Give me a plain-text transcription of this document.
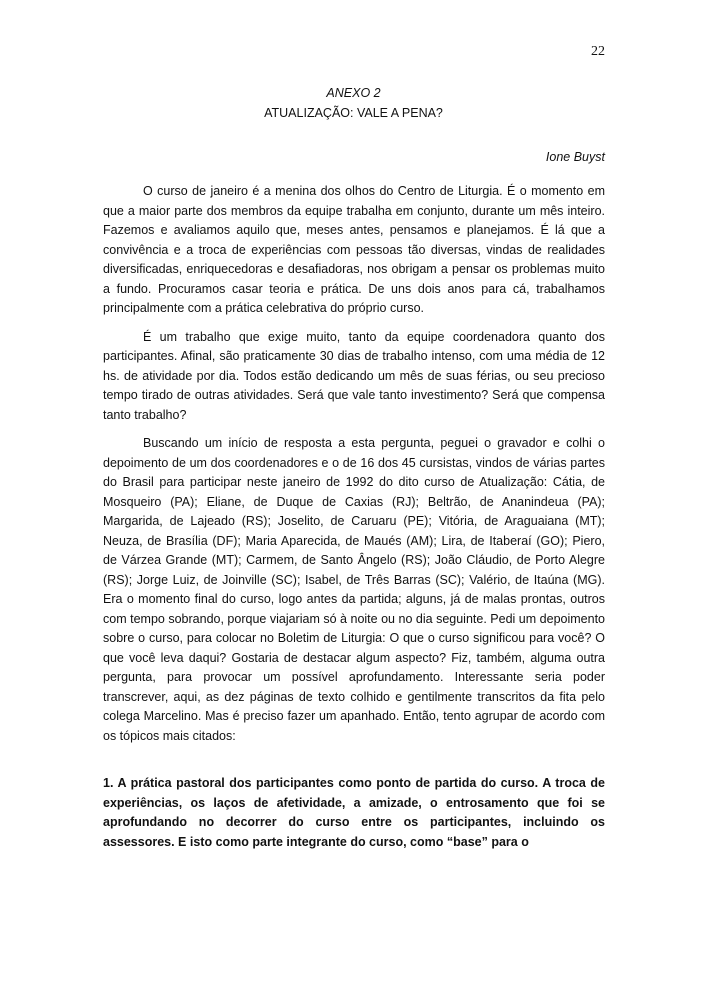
22
ANEXO 2
ATUALIZAÇÃO: VALE A PENA?
Ione Buyst

O curso de janeiro é a menina dos olhos do Centro de Liturgia. É o momento em que a maior parte dos membros da equipe trabalha em conjunto, durante um mês inteiro. Fazemos e avaliamos aquilo que, meses antes, pensamos e planejamos. É lá que a convivência e a troca de experiências com pessoas tão diversas, vindas de realidades diversificadas, enriquecedoras e desafiadoras, nos obrigam a pensar os problemas muito a fundo. Procuramos casar teoria e prática. De uns dois anos para cá, trabalhamos principalmente com a prática celebrativa do próprio curso.

É um trabalho que exige muito, tanto da equipe coordenadora quanto dos participantes. Afinal, são praticamente 30 dias de trabalho intenso, com uma média de 12 hs. de atividade por dia. Todos estão dedicando um mês de suas férias, ou seu precioso tempo tirado de outras atividades. Será que vale tanto investimento? Será que compensa tanto trabalho?

Buscando um início de resposta a esta pergunta, peguei o gravador e colhi o depoimento de um dos coordenadores e o de 16 dos 45 cursistas, vindos de várias partes do Brasil para participar neste janeiro de 1992 do dito curso de Atualização: Cátia, de Mosqueiro (PA); Eliane, de Duque de Caxias (RJ); Beltrão, de Ananindeua (PA); Margarida, de Lajeado (RS); Joselito, de Caruaru (PE); Vitória, de Araguaiana (MT); Neuza, de Brasília (DF); Maria Aparecida, de Maués (AM); Lira, de Itaberaí (GO); Piero, de Várzea Grande (MT); Carmem, de Santo Ângelo (RS); João Cláudio, de Porto Alegre (RS); Jorge Luiz, de Joinville (SC); Isabel, de Três Barras (SC); Valério, de Itaúna (MG). Era o momento final do curso, logo antes da partida; alguns, já de malas prontas, outros com tempo sobrando, porque viajariam só à noite ou no dia seguinte. Pedi um depoimento sobre o curso, para colocar no Boletim de Liturgia: O que o curso significou para você? O que você leva daqui? Gostaria de destacar algum aspecto? Fiz, também, alguma outra pergunta, para provocar um possível aprofundamento. Interessante seria poder transcrever, aqui, as dez páginas de texto colhido e gentilmente transcritos da fita pelo colega Marcelino. Mas é preciso fazer um apanhado. Então, tento agrupar de acordo com os tópicos mais citados:

1. A prática pastoral dos participantes como ponto de partida do curso. A troca de experiências, os laços de afetividade, a amizade, o entrosamento que foi se aprofundando no decorrer do curso entre os participantes, incluindo os assessores. E isto como parte integrante do curso, como “base” para o
